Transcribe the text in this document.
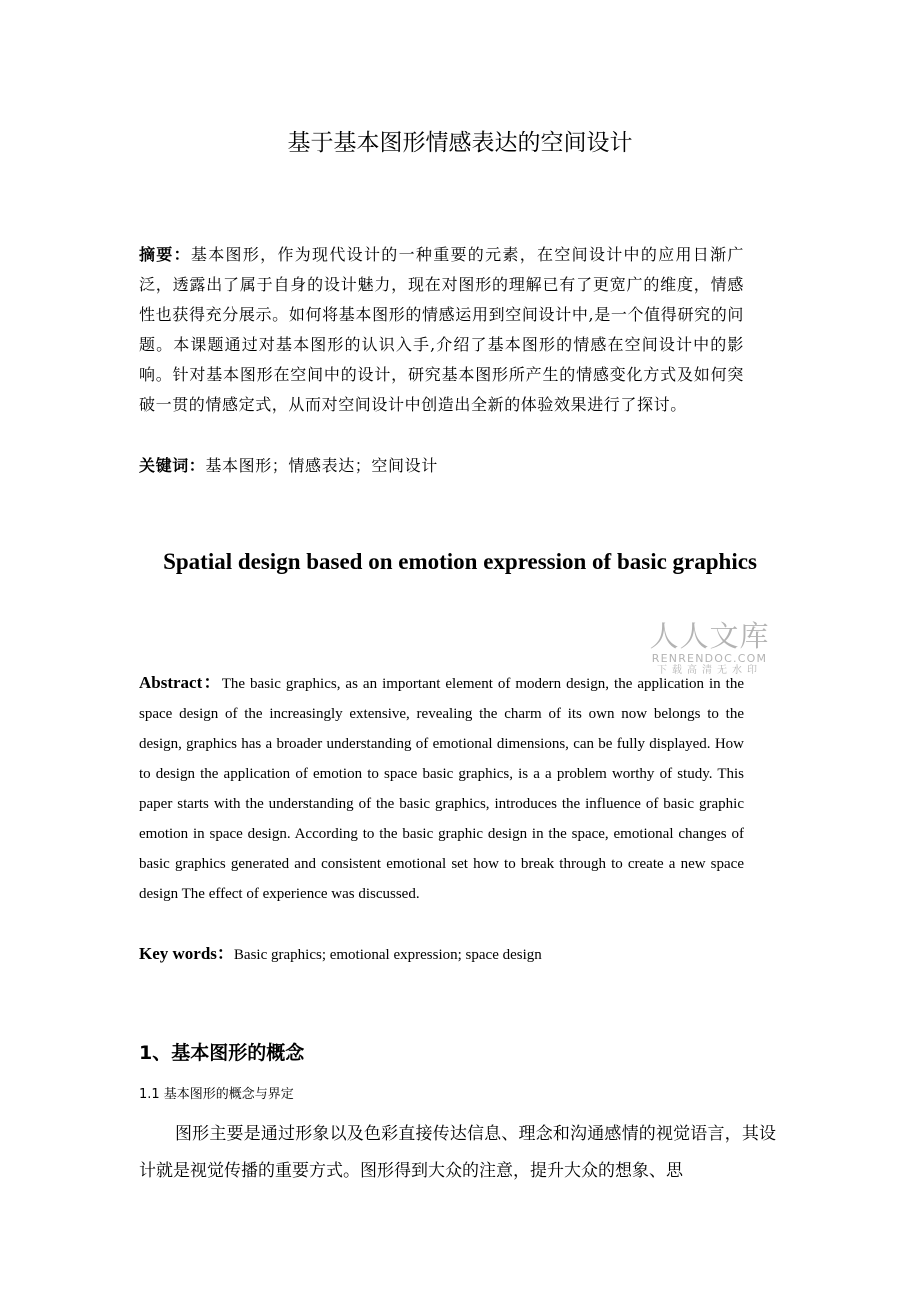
基于基本图形情感表达的空间设计
摘要：基本图形，作为现代设计的一种重要的元素，在空间设计中的应用日渐广泛，透露出了属于自身的设计魅力，现在对图形的理解已有了更宽广的维度，情感性也获得充分展示。如何将基本图形的情感运用到空间设计中,是一个值得研究的问题。本课题通过对基本图形的认识入手,介绍了基本图形的情感在空间设计中的影响。针对基本图形在空间中的设计，研究基本图形所产生的情感变化方式及如何突破一贯的情感定式，从而对空间设计中创造出全新的体验效果进行了探讨。
关键词：基本图形；情感表达；空间设计
Spatial design based on emotion expression of basic graphics
人人文库
RENRENDOC.COM
下载高清无水印
Abstract：The basic graphics, as an important element of modern design, the application in the space design of the increasingly extensive, revealing the charm of its own now belongs to the design, graphics has a broader understanding of emotional dimensions, can be fully displayed. How to design the application of emotion to space basic graphics, is a a problem worthy of study. This paper starts with the understanding of the basic graphics, introduces the influence of basic graphic emotion in space design. According to the basic graphic design in the space, emotional changes of basic graphics generated and consistent emotional set how to break through to create a new space design The effect of experience was discussed.
Key words：Basic graphics; emotional expression; space design
1、基本图形的概念
1.1 基本图形的概念与界定
图形主要是通过形象以及色彩直接传达信息、理念和沟通感情的视觉语言，其设计就是视觉传播的重要方式。图形得到大众的注意，提升大众的想象、思
